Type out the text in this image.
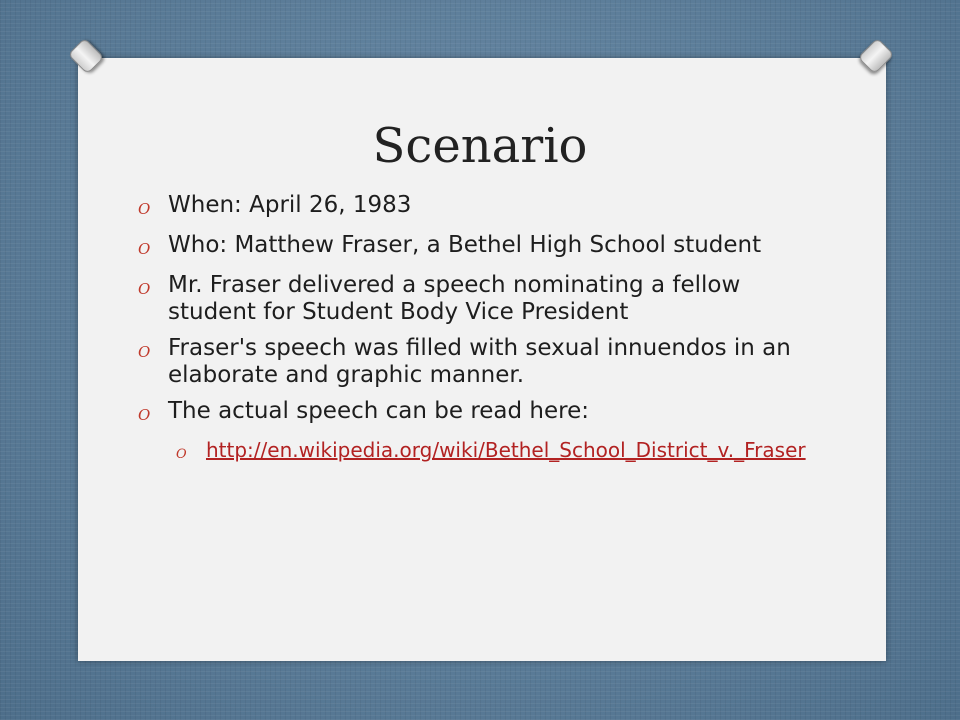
Scenario
O When: April 26, 1983
O Who: Matthew Fraser, a Bethel High School student
O Mr. Fraser delivered a speech nominating a fellow student for Student Body Vice President
O Fraser's speech was filled with sexual innuendos in an elaborate and graphic manner.
O The actual speech can be read here:
O http://en.wikipedia.org/wiki/Bethel_School_District_v._Fraser
